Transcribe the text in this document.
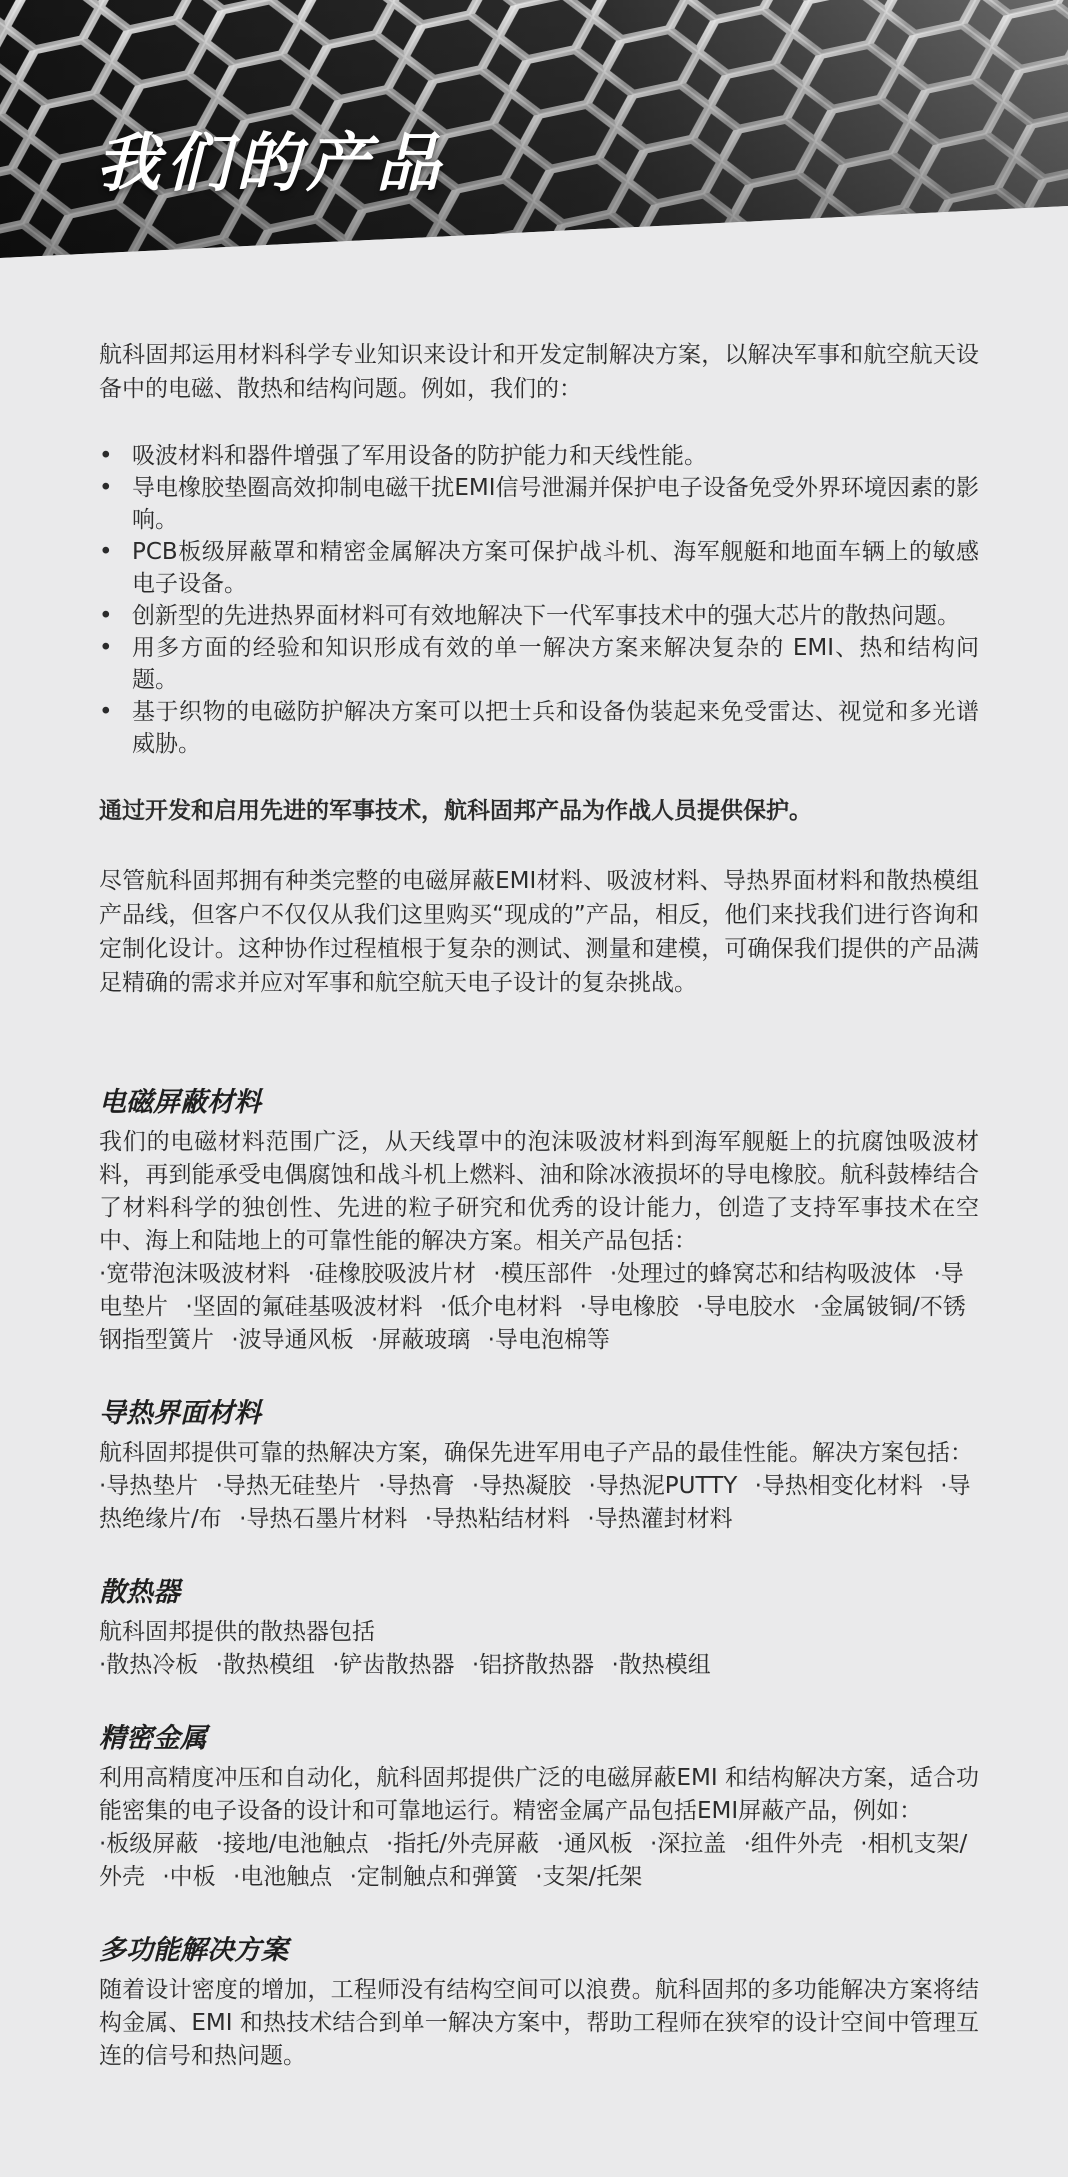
我们的产品

航科固邦运用材料科学专业知识来设计和开发定制解决方案，以解决军事和航空航天设备中的电磁、散热和结构问题。例如，我们的：

• 吸波材料和器件增强了军用设备的防护能力和天线性能。
• 导电橡胶垫圈高效抑制电磁干扰EMI信号泄漏并保护电子设备免受外界环境因素的影响。
• PCB板级屏蔽罩和精密金属解决方案可保护战斗机、海军舰艇和地面车辆上的敏感电子设备。
• 创新型的先进热界面材料可有效地解决下一代军事技术中的强大芯片的散热问题。
• 用多方面的经验和知识形成有效的单一解决方案来解决复杂的 EMI、热和结构问题。
• 基于织物的电磁防护解决方案可以把士兵和设备伪装起来免受雷达、视觉和多光谱威胁。

通过开发和启用先进的军事技术，航科固邦产品为作战人员提供保护。

尽管航科固邦拥有种类完整的电磁屏蔽EMI材料、吸波材料、导热界面材料和散热模组产品线，但客户不仅仅从我们这里购买“现成的”产品，相反，他们来找我们进行咨询和定制化设计。这种协作过程植根于复杂的测试、测量和建模，可确保我们提供的产品满足精确的需求并应对军事和航空航天电子设计的复杂挑战。

电磁屏蔽材料

我们的电磁材料范围广泛，从天线罩中的泡沫吸波材料到海军舰艇上的抗腐蚀吸波材料，再到能承受电偶腐蚀和战斗机上燃料、油和除冰液损坏的导电橡胶。航科鼓棒结合了材料科学的独创性、先进的粒子研究和优秀的设计能力，创造了支持军事技术在空中、海上和陆地上的可靠性能的解决方案。相关产品包括：

·宽带泡沫吸波材料 ·硅橡胶吸波片材 ·模压部件 ·处理过的蜂窝芯和结构吸波体 ·导电垫片 ·坚固的氟硅基吸波材料 ·低介电材料 ·导电橡胶 ·导电胶水 ·金属铍铜/不锈钢指型簧片 ·波导通风板 ·屏蔽玻璃 ·导电泡棉等
导热界面材料

航科固邦提供可靠的热解决方案，确保先进军用电子产品的最佳性能。解决方案包括：

·导热垫片 ·导热无硅垫片 ·导热膏 ·导热凝胶 ·导热泥PUTTY ·导热相变化材料 ·导热绝缘片/布 ·导热石墨片材料 ·导热粘结材料 ·导热灌封材料
散热器

航科固邦提供的散热器包括

·散热冷板 ·散热模组 ·铲齿散热器 ·铝挤散热器 ·散热模组
精密金属

利用高精度冲压和自动化，航科固邦提供广泛的电磁屏蔽EMI 和结构解决方案，适合功能密集的电子设备的设计和可靠地运行。精密金属产品包括EMI屏蔽产品，例如：

·板级屏蔽 ·接地/电池触点 ·指托/外壳屏蔽 ·通风板 ·深拉盖 ·组件外壳 ·相机支架/外壳 ·中板 ·电池触点 ·定制触点和弹簧 ·支架/托架
多功能解决方案

随着设计密度的增加，工程师没有结构空间可以浪费。航科固邦的多功能解决方案将结构金属、EMI 和热技术结合到单一解决方案中，帮助工程师在狭窄的设计空间中管理互连的信号和热问题。
